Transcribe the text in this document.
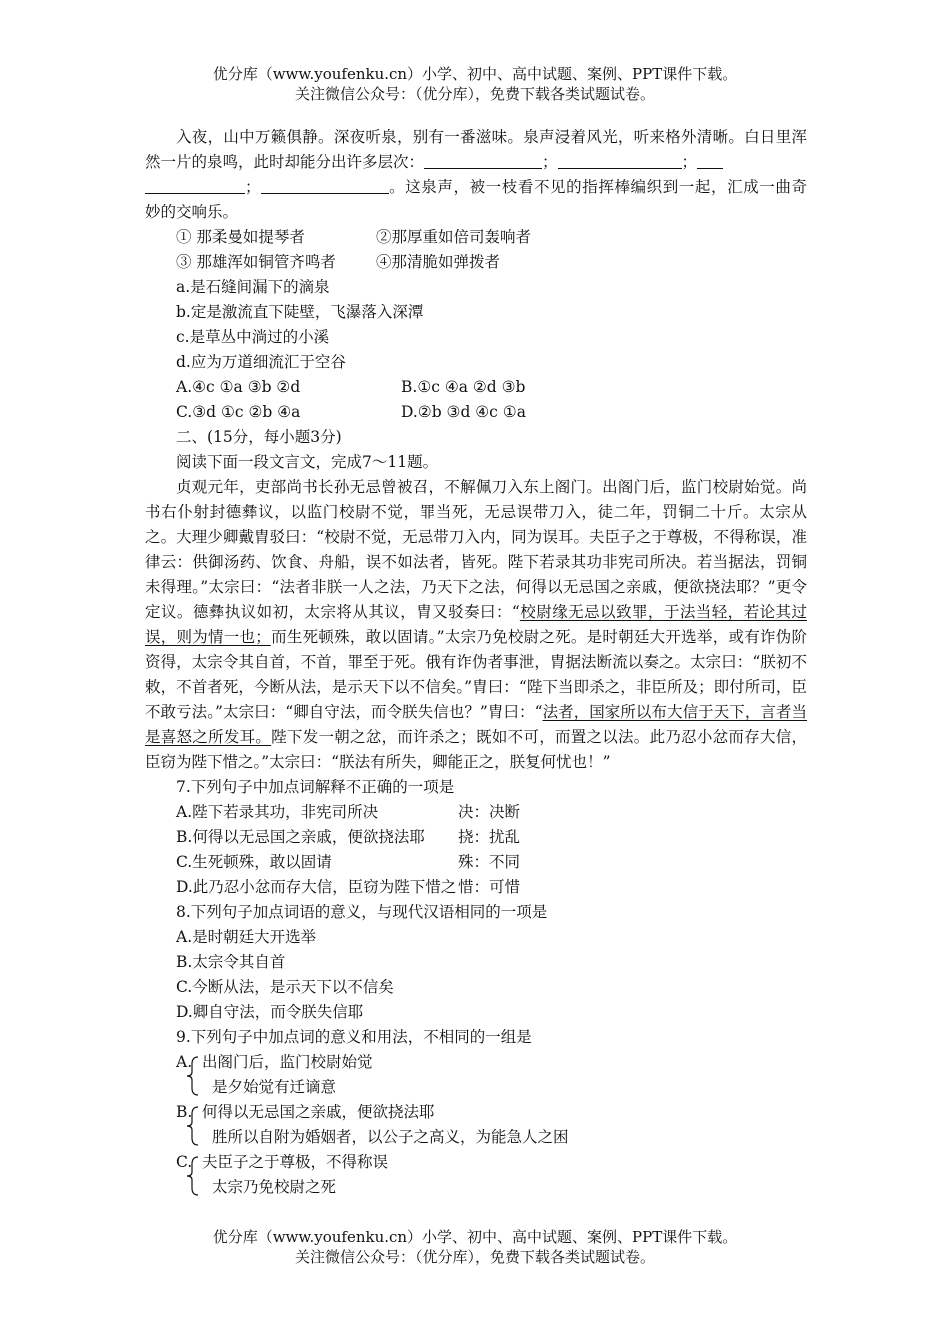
优分库（www.youfenku.cn）小学、初中、高中试题、案例、PPT课件下载。
关注微信公众号：（优分库），免费下载各类试题试卷。

入夜，山中万籁俱静。深夜听泉，别有一番滋味。泉声浸着风光，听来格外清晰。白日里浑然一片的泉鸣，此时却能分出许多层次：	；	；
；	。这泉声，被一枝看不见的指挥棒编织到一起，汇成一曲奇妙的交响乐。

① 那柔曼如提琴者	②那厚重如倍司轰响者
③ 那雄浑如铜管齐鸣者	④那清脆如弹拨者
a.是石缝间漏下的滴泉
b.定是激流直下陡壁，飞瀑落入深潭
c.是草丛中淌过的小溪
d.应为万道细流汇于空谷
A.④c ①a ③b ②d	B.①c ④a ②d ③b
C.③d ①c ②b ④a	D.②b ③d ④c ①a
二、(15分，每小题3分)
阅读下面一段文言文，完成7～11题。

贞观元年，吏部尚书长孙无忌曾被召，不解佩刀入东上阁门。出阁门后，监门校尉始觉。尚书右仆射封德彝议，以监门校尉不觉，罪当死，无忌误带刀入，徒二年，罚铜二十斤。太宗从之。大理少卿戴胄驳曰：“校尉不觉，无忌带刀入内，同为误耳。夫臣子之于尊极，不得称误，准律云：供御汤药、饮食、舟船，误不如法者，皆死。陛下若录其功非宪司所决。若当据法，罚铜未得理。”太宗曰：“法者非朕一人之法，乃天下之法，何得以无忌国之亲戚，便欲挠法耶？”更令定议。德彝执议如初，太宗将从其议，胄又驳奏曰：“校尉缘无忌以致罪，于法当轻，若论其过误，则为情一也；而生死顿殊，敢以固请。”太宗乃免校尉之死。是时朝廷大开选举，或有诈伪阶资得，太宗令其自首，不首，罪至于死。俄有诈伪者事泄，胄据法断流以奏之。太宗曰：“朕初不敕，不首者死，今断从法，是示天下以不信矣。”胄曰：“陛下当即杀之，非臣所及；即付所司，臣不敢亏法。”太宗曰：“卿自守法，而令朕失信也？”胄曰：“法者，国家所以布大信于天下，言者当是喜怒之所发耳。陛下发一朝之忿，而许杀之；既如不可，而置之以法。此乃忍小忿而存大信，臣窃为陛下惜之。”太宗曰：“朕法有所失，卿能正之，朕复何忧也！”

7.下列句子中加点词解释不正确的一项是
A.陛下若录其功，非宪司所决	决：决断
B.何得以无忌国之亲戚，便欲挠法耶	挠：扰乱
C.生死顿殊，敢以固请	殊：不同
D.此乃忍小忿而存大信，臣窃为陛下惜之 惜：可惜
8.下列句子加点词语的意义，与现代汉语相同的一项是
A.是时朝廷大开选举
B.太宗令其自首
C.今断从法，是示天下以不信矣
D.卿自守法，而令朕失信耶
9.下列句子中加点词的意义和用法，不相同的一组是
A. 出阁门后，监门校尉始觉
是夕始觉有迁谪意
B. 何得以无忌国之亲戚，便欲挠法耶
胜所以自附为婚姻者，以公子之高义，为能急人之困
C. 夫臣子之于尊极，不得称误
太宗乃免校尉之死
优分库（www.youfenku.cn）小学、初中、高中试题、案例、PPT课件下载。
关注微信公众号：（优分库），免费下载各类试题试卷。
